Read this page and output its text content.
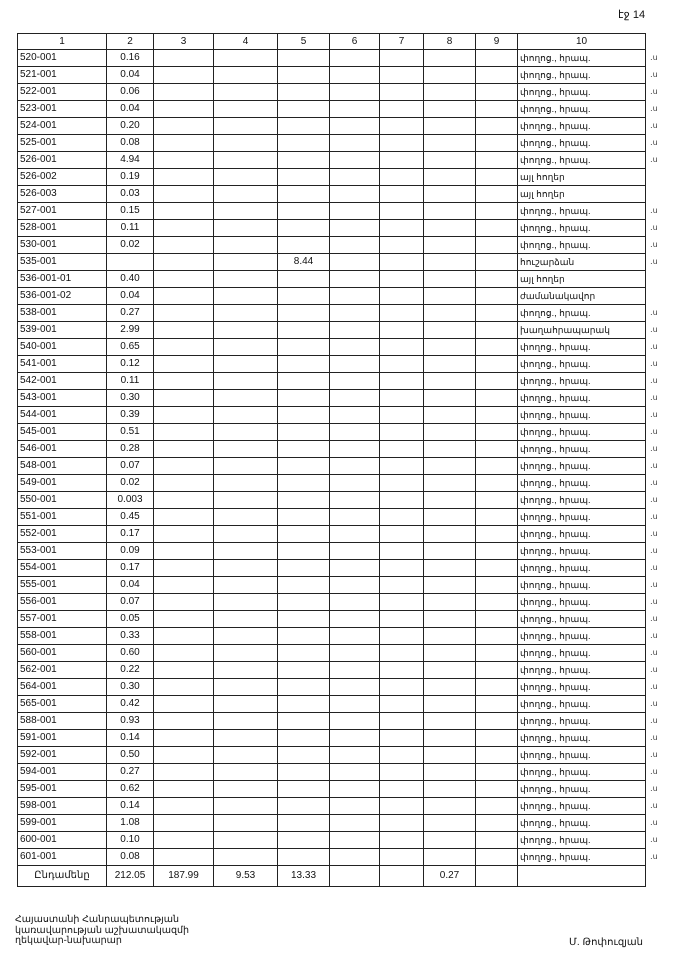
էջ 14
1	2	3	4	5	6	7	8	9	10
520-001	0.16								փողոց., հրապ.
521-001	0.04								փողոց., հրապ.
522-001	0.06								փողոց., հրապ.
523-001	0.04								փողոց., հրապ.
524-001	0.20								փողոց., հրապ.
525-001	0.08								փողոց., հրապ.
526-001	4.94								փողոց., հրապ.
526-002	0.19								այլ հողեր
526-003	0.03								այլ հողեր
527-001	0.15								փողոց., հրապ.
528-001	0.11								փողոց., հրապ.
530-001	0.02								փողոց., հրապ.
535-001				8.44					հուշարձան
536-001-01	0.40								այլ հողեր
536-001-02	0.04								ժամանակավոր
538-001	0.27								փողոց., հրապ.
539-001	2.99								խաղահրապարակ
540-001	0.65								փողոց., հրապ.
541-001	0.12								փողոց., հրապ.
542-001	0.11								փողոց., հրապ.
543-001	0.30								փողոց., հրապ.
544-001	0.39								փողոց., հրապ.
545-001	0.51								փողոց., հրապ.
546-001	0.28								փողոց., հրապ.
548-001	0.07								փողոց., հրապ.
549-001	0.02								փողոց., հրապ.
550-001	0.003								փողոց., հրապ.
551-001	0.45								փողոց., հրապ.
552-001	0.17								փողոց., հրապ.
553-001	0.09								փողոց., հրապ.
554-001	0.17								փողոց., հրապ.
555-001	0.04								փողոց., հրապ.
556-001	0.07								փողոց., հրապ.
557-001	0.05								փողոց., հրապ.
558-001	0.33								փողոց., հրապ.
560-001	0.60								փողոց., հրապ.
562-001	0.22								փողոց., հրապ.
564-001	0.30								փողոց., հրապ.
565-001	0.42								փողոց., հրապ.
588-001	0.93								փողոց., հրապ.
591-001	0.14								փողոց., հրապ.
592-001	0.50								փողոց., հրապ.
594-001	0.27								փողոց., հրապ.
595-001	0.62								փողոց., հրապ.
598-001	0.14								փողոց., հրապ.
599-001	1.08								փողոց., հրապ.
600-001	0.10								փողոց., հրապ.
601-001	0.08								փողոց., հրապ.
Ընդամենը	212.05	187.99	9.53	13.33			0.27		
․ս
․ս
․ս
․ս
․ս
․ս
․ս
․ս
․ս
․ս
․ս
․ս
․ս
․ս
․ս
․ս
․ս
․ս
․ս
․ս
․ս
․ս
․ս
․ս
․ս
․ս
․ս
․ս
․ս
․ս
․ս
․ս
․ս
․ս
․ս
․ս
․ս
․ս
․ս
․ս
․ս
․ս
․ս
․ս
Հայաստանի Հանրապետության
կառավարության աշխատակազմի
ղեկավար-նախարար	Մ. Թոփուզյան
